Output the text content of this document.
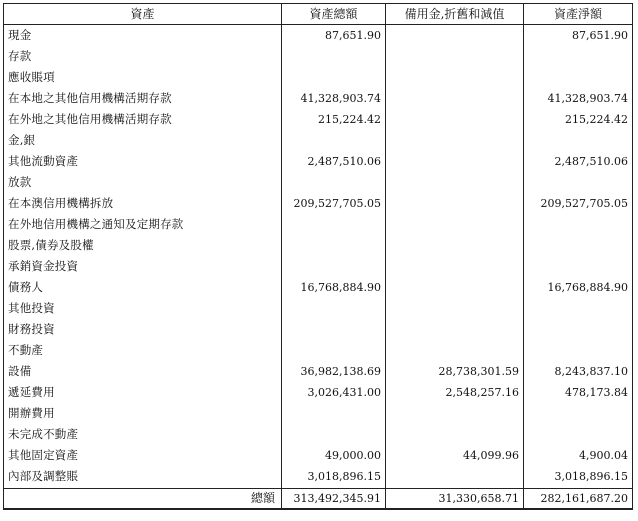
資產	資產總額	備用金,折舊和減值	資產淨額
現金	87,651.90		87,651.90
存款			
應收賬項			
在本地之其他信用機構活期存款	41,328,903.74		41,328,903.74
在外地之其他信用機構活期存款	215,224.42		215,224.42
金,銀			
其他流動資產	2,487,510.06		2,487,510.06
放款			
在本澳信用機構拆放	209,527,705.05		209,527,705.05
在外地信用機構之通知及定期存款			
股票,債券及股權			
承銷資金投資			
債務人	16,768,884.90		16,768,884.90
其他投資			
財務投資			
不動產			
設備	36,982,138.69	28,738,301.59	8,243,837.10
遞延費用	3,026,431.00	2,548,257.16	478,173.84
開辦費用			
未完成不動產			
其他固定資產	49,000.00	44,099.96	4,900.04
內部及調整賬	3,018,896.15		3,018,896.15
總額	313,492,345.91	31,330,658.71	282,161,687.20
